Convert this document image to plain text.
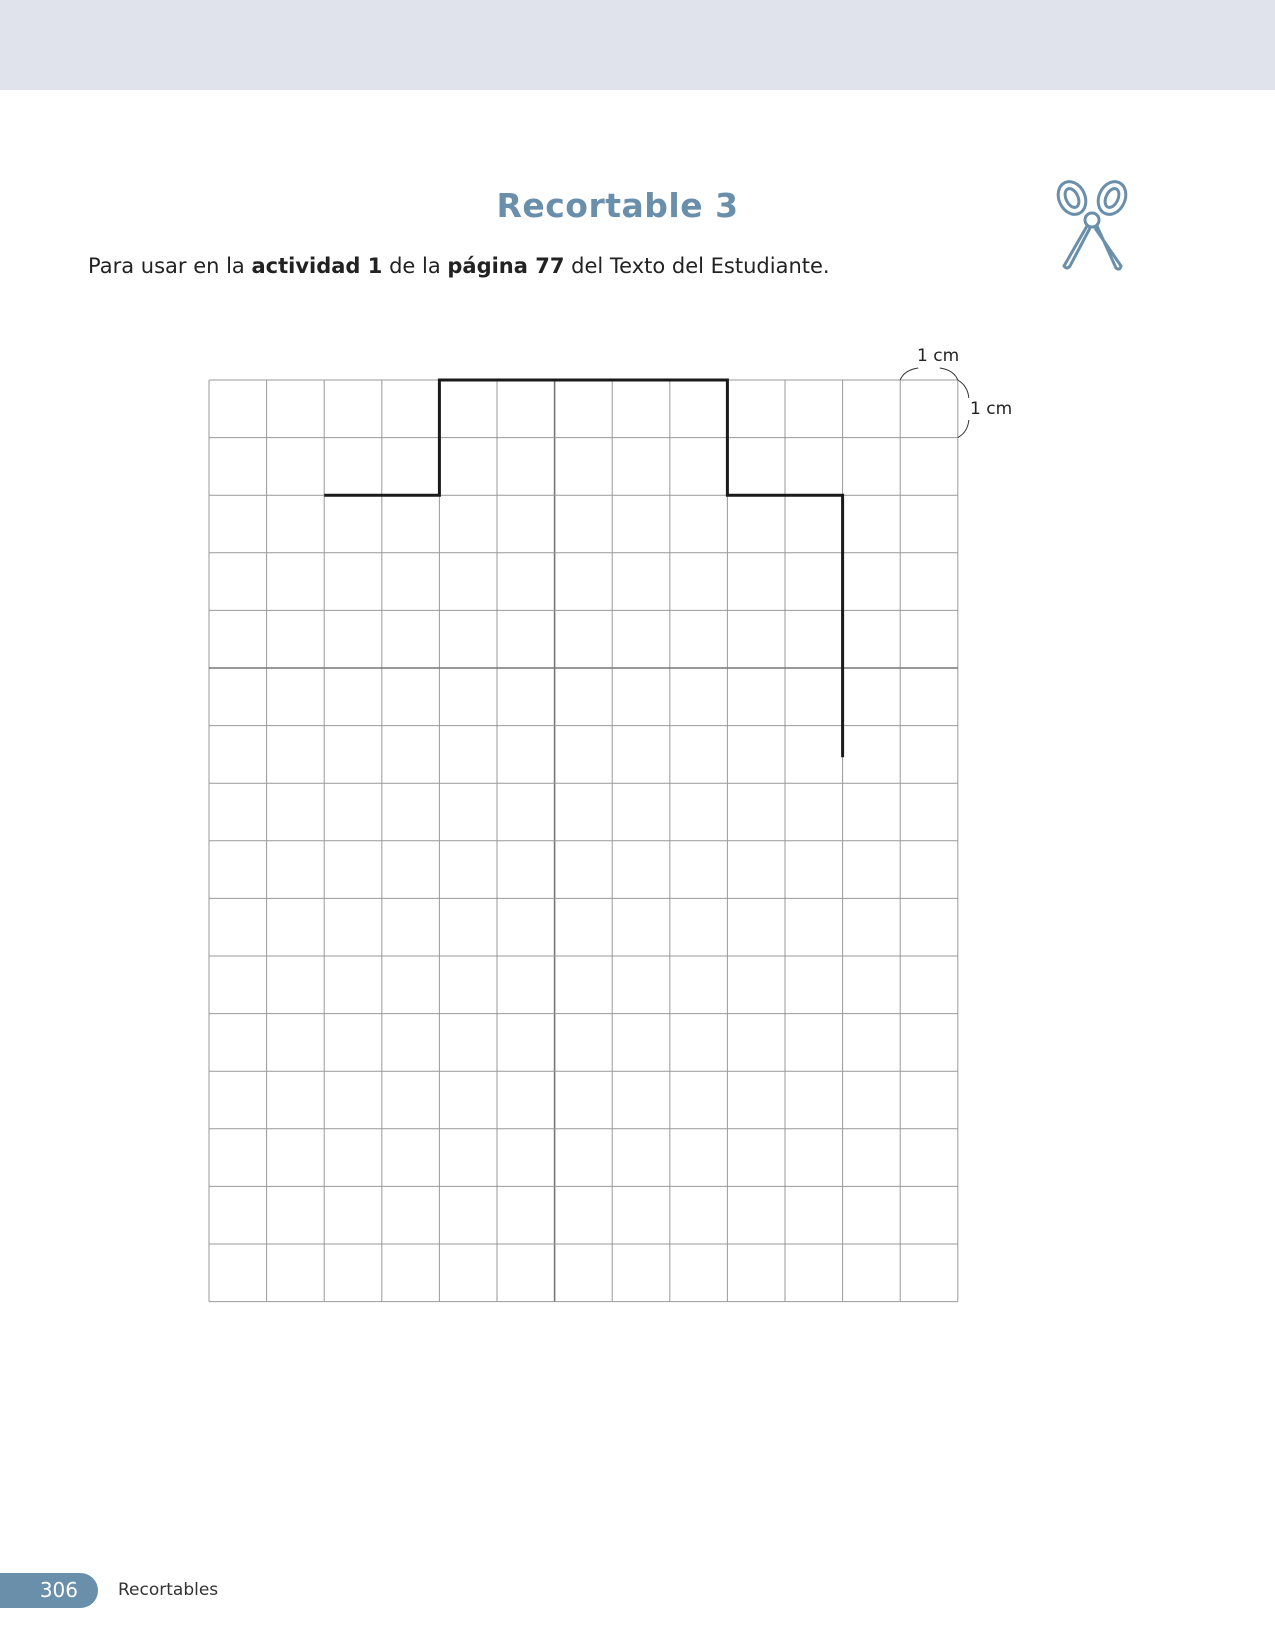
Recortable 3
Para usar en la actividad 1 de la página 77 del Texto del Estudiante.
1 cm
1 cm
306	Recortables
